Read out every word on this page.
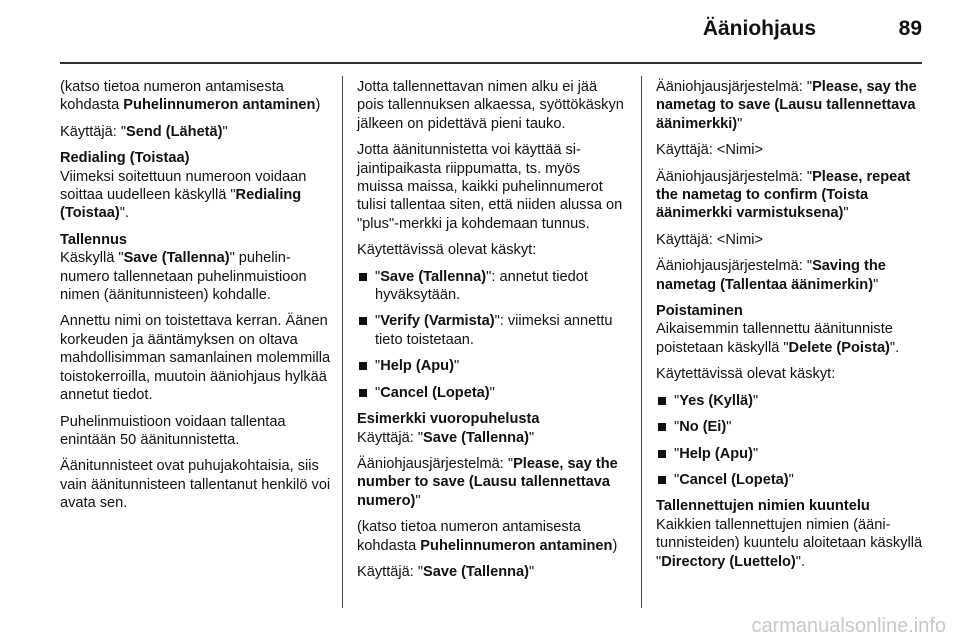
Ääniohjaus	89

(katso tietoa numeron antamisesta kohdasta Puhelinnumeron antaminen)

Käyttäjä: "Send (Lähetä)"

Redialing (Toistaa)

Viimeksi soitettuun numeroon voidaan soittaa uudelleen käskyllä "Redialing (Toistaa)".

Tallennus

Käskyllä "Save (Tallenna)" puhelinnumero tallennetaan puhelinmuistioon nimen (äänitunnisteen) kohdalle.

Annettu nimi on toistettava kerran. Äänen korkeuden ja ääntämyksen on oltava mahdollisimman samanlainen molemmilla toistokerroilla, muutoin ääniohjaus hylkää annetut tiedot.

Puhelinmuistioon voidaan tallentaa enintään 50 äänitunnistetta.

Äänitunnisteet ovat puhujakohtaisia, siis vain äänitunnisteen tallentanut henkilö voi avata sen.

Jotta tallennettavan nimen alku ei jää pois tallennuksen alkaessa, syöttökäskyn jälkeen on pidettävä pieni tauko.

Jotta äänitunnistetta voi käyttää sijaintipaikasta riippumatta, ts. myös muissa maissa, kaikki puhelinnumerot tulisi tallentaa siten, että niiden alussa on "plus"-merkki ja kohdemaan tunnus.

Käytettävissä olevat käskyt:

"Save (Tallenna)": annetut tiedot hyväksytään.
"Verify (Varmista)": viimeksi annettu tieto toistetaan.
"Help (Apu)"
"Cancel (Lopeta)"
Esimerkki vuoropuhelusta

Käyttäjä: "Save (Tallenna)"

Ääniohjausjärjestelmä: "Please, say the number to save (Lausu tallennettava numero)"

(katso tietoa numeron antamisesta kohdasta Puhelinnumeron antaminen)

Käyttäjä: "Save (Tallenna)"

Ääniohjausjärjestelmä: "Please, say the nametag to save (Lausu tallennettava äänimerkki)"

Käyttäjä: <Nimi>

Ääniohjausjärjestelmä: "Please, repeat the nametag to confirm (Toista äänimerkki varmistuksena)"

Käyttäjä: <Nimi>

Ääniohjausjärjestelmä: "Saving the nametag (Tallentaa äänimerkin)"

Poistaminen

Aikaisemmin tallennettu äänitunniste poistetaan käskyllä "Delete (Poista)".

Käytettävissä olevat käskyt:

"Yes (Kyllä)"
"No (Ei)"
"Help (Apu)"
"Cancel (Lopeta)"
Tallennettujen nimien kuuntelu

Kaikkien tallennettujen nimien (äänitunnisteiden) kuuntelu aloitetaan käskyllä "Directory (Luettelo)".

carmanualsonline.info
